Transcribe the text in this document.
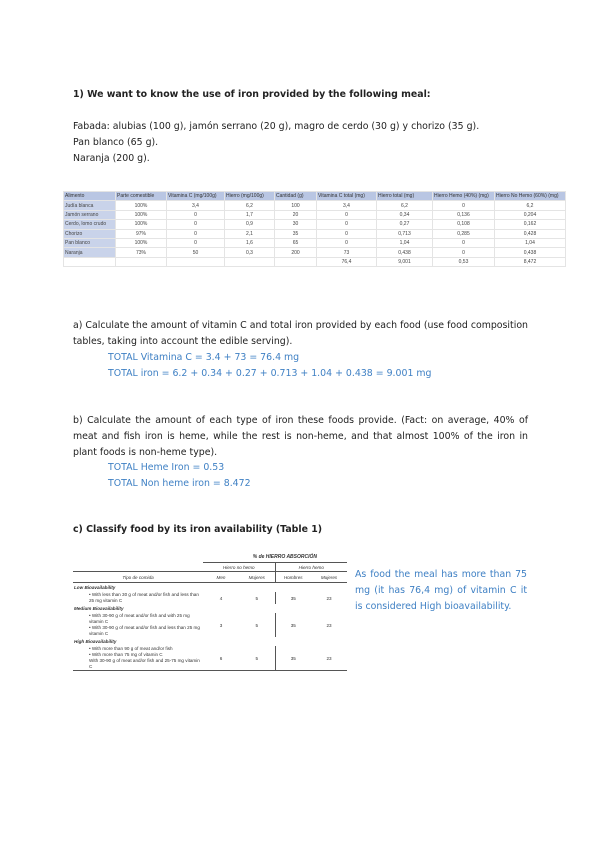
1) We want to know the use of iron provided by the following meal:
Fabada: alubias (100 g), jamón serrano (20 g), magro de cerdo (30 g) y chorizo (35 g).
Pan blanco (65 g).
Naranja (200 g).
Alimento	Parte comestible	Vitamina C (mg/100g)	Hierro (mg/100g)	Cantidad (g)	Vitamina C total (mg)	Hierro total (mg)	Hierro Hemo (40%) (mg)	Hierro No Hemo (60%) (mg)
Judía blanca	100%	3,4	6,2	100	3,4	6,2	0	6,2
Jamón serrano	100%	0	1,7	20	0	0,34	0,136	0,204
Cerdo, lomo crudo	100%	0	0,9	30	0	0,27	0,108	0,162
Chorizo	97%	0	2,1	35	0	0,713	0,285	0,428
Pan blanco	100%	0	1,6	65	0	1,04	0	1,04
Naranja	73%	50	0,3	200	73	0,438	0	0,438
					76,4	9,001	0,53	8,472
a) Calculate the amount of vitamin C and total iron provided by each food (use food composition tables, taking into account the edible serving).
TOTAL Vitamina C = 3.4 + 73 = 76.4 mg
TOTAL iron = 6.2 + 0.34 + 0.27 + 0.713 + 1.04 + 0.438 = 9.001 mg
b) Calculate the amount of each type of iron these foods provide. (Fact: on average, 40% of meat and fish iron is heme, while the rest is non-heme, and that almost 100% of the iron in plant foods is non-heme type).
TOTAL Heme Iron = 0.53
TOTAL Non heme iron = 8.472
c) Classify food by its iron availability (Table 1)
% de HIERRO ABSORCIÓN
	Hierro no hemo		Hierro hemo	
Tipo de comida	Men	Mujeres	Hombres	Mujeres
Low Bioavailability				
• With less than 30 g of meat and/or fish and less than 25 mg vitamin C	4	5	35	23
Medium Bioavailability				
• With 30-90 g of meat and/or fish and with 25 mg vitamin C
• With 30-90 g of meat and/or fish and less than 25 mg vitamin C	3	5	35	23
High Bioavailability				
• With more than 90 g of meat and/or fish
• With more than 75 mg of vitamin C
With 30-90 g of meat and/or fish and 25-75 mg vitamin C	6	5	35	23
As food the meal has more than 75 mg (it has 76,4 mg) of vitamin C it is considered High bioavailability.
